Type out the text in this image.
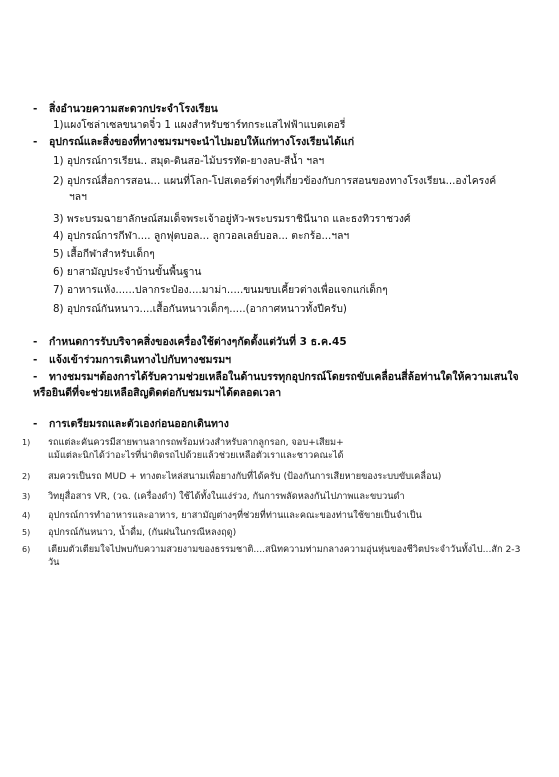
-	สิ่งอำนวยความสะดวกประจำโรงเรียน
1)แผงโซล่าเซลขนาดจิ๋ว 1 แผงสำหรับชาร์ทกระแสไฟฟ้าแบตเตอรี่
-	อุปกรณ์และสิ่งของที่ทางชมรมฯจะนำไปมอบให้แก่ทางโรงเรียนได้แก่
1) อุปกรณ์การเรียน.. สมุด-ดินสอ-ไม้บรรทัด-ยางลบ-สีน้ำ ฯลฯ
2) อุปกรณ์สื่อการสอน... แผนที่โลก-โปสเตอร์ต่างๆที่เกี่ยวข้องกับการสอนของทางโรงเรียน...องไครงค์
ฯลฯ
3) พระบรมฉายาลักษณ์สมเด็จพระเจ้าอยู่หัว-พระบรมราชินีนาถ และธงทิวราชวงศ์
4) อุปกรณ์การกีฬา.... ลูกฟุตบอล... ลูกวอลเลย์บอล... ตะกร้อ...ฯลฯ
5) เสื้อกีฬาสำหรับเด็กๆ
6) ยาสามัญประจำบ้านขั้นพื้นฐาน
7) อาหารแห้ง......ปลากระป๋อง....มาม่า.....ขนมขบเคี้ยวต่างเพื่อแจกแก่เด็กๆ
8) อุปกรณ์กันหนาว....เสื้อกันหนาวเด็กๆ.....(อากาศหนาวทั้งปีครับ)
-	กำหนดการรับบริจาคสิ่งของเครื่องใช้ต่างๆกัดตั้งแต่วันที่ 3 ธ.ค.45
-	แจ้งเข้าร่วมการเดินทางไปกับทางชมรมฯ
-	ทางชมรมฯต้องการได้รับความช่วยเหลือในด้านบรรทุกอุปกรณ์โดยรถขับเคลื่อนสี่ล้อท่านใดให้ความเสนใจ
หรือยินดีที่จะช่วยเหลือสิญติดต่อกับชมรมฯได้ตลอดเวลา
-	การเตรียมรถและตัวเองก่อนออกเดินทาง
1)	รถแต่ละคันควรมีสายพานลากรถพร้อมห่วงสำหรับลากลูกรอก, จอบ+เสียม+
แม้แต่ละนิกได้ว่าอะไรที่น่าติดรถไปด้วยแล้วช่วยเหลือตัวเราและชาวคณะได้
2)	สมควรเป็นรถ MUD + ทางตะไหล่สนามเพื่อยางกับที่ได้ครับ (ป้องกันการเสียหายของระบบขับเคลื่อน)
3)	วิทยุสื่อสาร VR, (วฉ. (เครื่องดำ) ใช้ได้ทั้งในแง่ร่วง, กันการพลัดหลงกันไปภาพและขบวนดำ
4)	อุปกรณ์การทำอาหารและอาหาร, ยาสามัญต่างๆที่ช่วยที่ท่านและคณะของท่านใช้ขายเป็นจำเป็น
5)	อุปกรณ์กันหนาว, น้ำดื่ม, (กันฝนในกรณีหลงฤดู)
6)	เตียมตัวเตียมใจไปพบกับความสวยงามของธรรมชาติ....สนิทความท่ามกลางความอุ่นหุ่นของชีวิตประจำวันทั้งไป...สัก 2-3
วัน
